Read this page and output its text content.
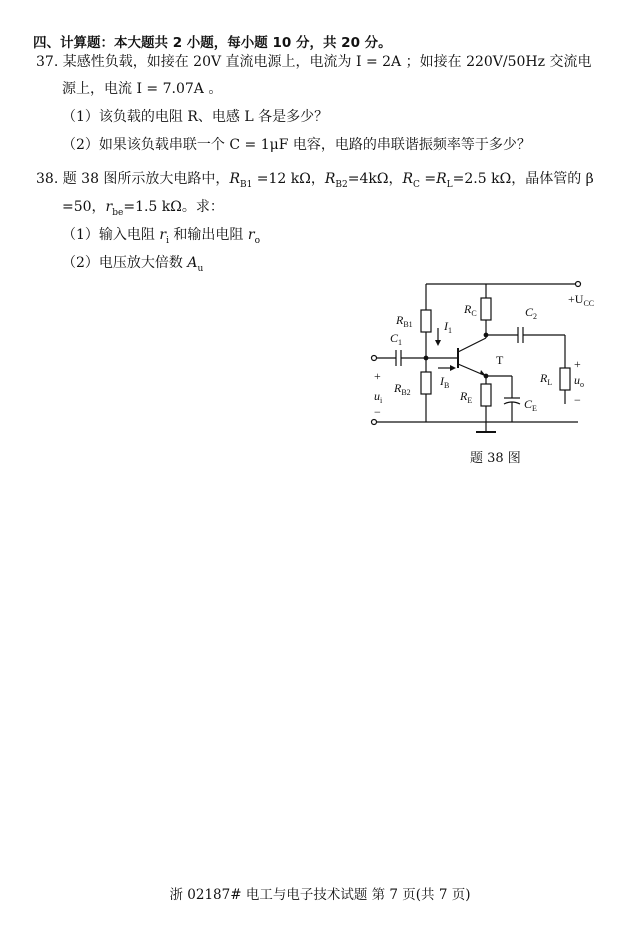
四、计算题：本大题共 2 小题，每小题 10 分，共 20 分。
37. 某感性负载，如接在 20V 直流电源上，电流为 I = 2A ；如接在 220V/50Hz 交流电
源上，电流 I = 7.07A 。
（1）该负载的电阻 R、电感 L 各是多少？
（2）如果该负载串联一个 C = 1μF 电容，电路的串联谐振频率等于多少？
38. 题 38 图所示放大电路中，$R_{B1} =12$ kΩ，$R_{B2}=4k\Omega$，$R_C =R_L=2.5$ kΩ，晶体管的 β
=50，$r_{be}=1.5$ kΩ。求：
（1）输入电阻 $r_i$ 和输出电阻 $r_o$
（2）电压放大倍数 $A_u$
$+U_{CC}$
$R_{B1}$
$R_C$	$C_2$
$I_1$
$C_1$
T
$I_B$
$R_{B2}$	$R_E$	$C_E$
$R_L$
+
$u_i$
−
+
$u_o$
−
题 38 图
浙 02187# 电工与电子技术试题 第 7 页(共 7 页)
